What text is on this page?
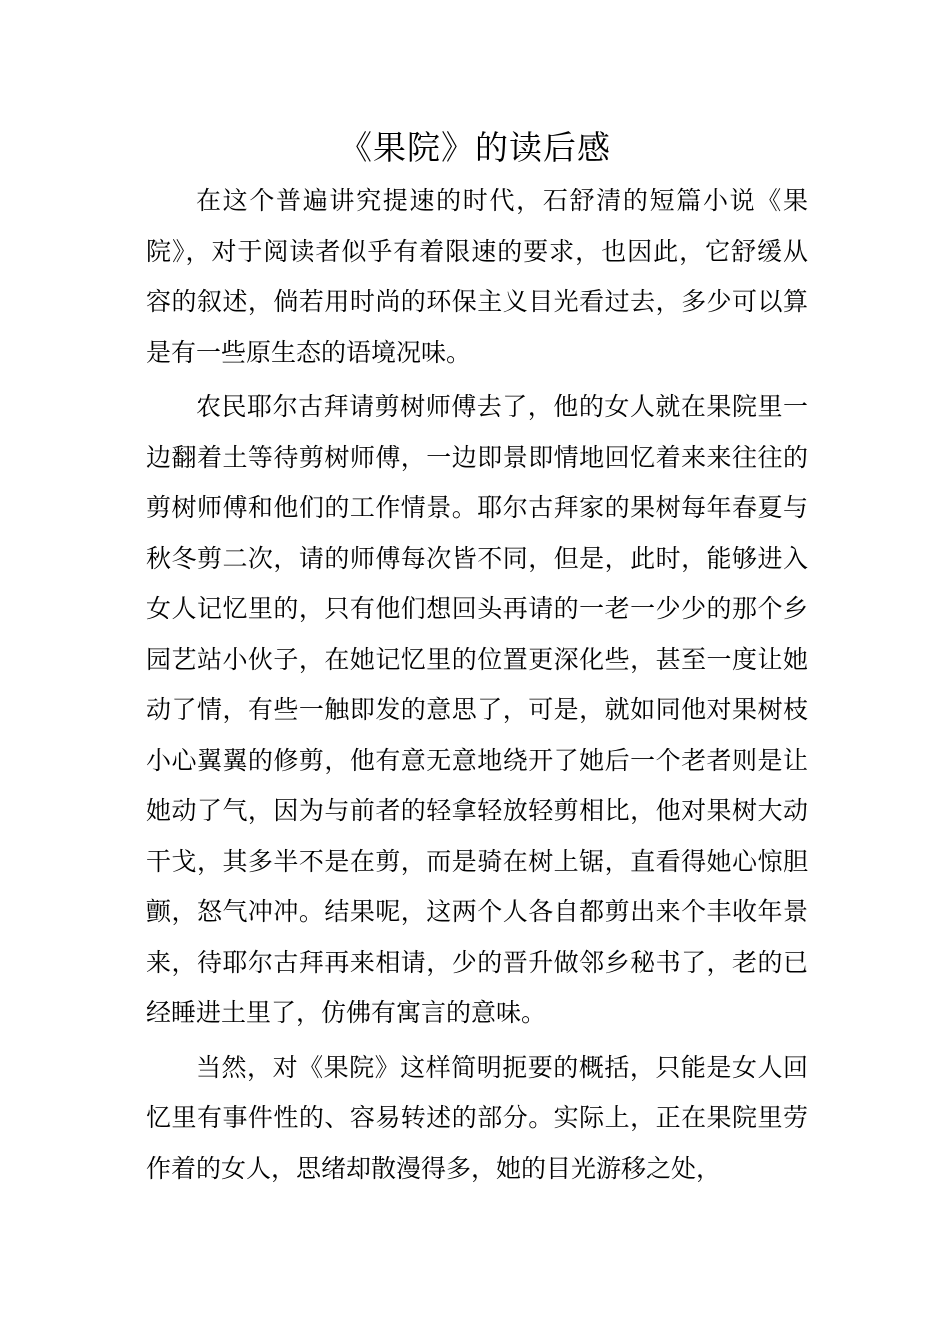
《果院》的读后感

在这个普遍讲究提速的时代，石舒清的短篇小说《果院》，对于阅读者似乎有着限速的要求，也因此，它舒缓从容的叙述，倘若用时尚的环保主义目光看过去，多少可以算是有一些原生态的语境况味。

农民耶尔古拜请剪树师傅去了，他的女人就在果院里一边翻着土等待剪树师傅，一边即景即情地回忆着来来往往的剪树师傅和他们的工作情景。耶尔古拜家的果树每年春夏与秋冬剪二次，请的师傅每次皆不同，但是，此时，能够进入女人记忆里的，只有他们想回头再请的一老一少少的那个乡园艺站小伙子，在她记忆里的位置更深化些，甚至一度让她动了情，有些一触即发的意思了，可是，就如同他对果树枝小心翼翼的修剪，他有意无意地绕开了她后一个老者则是让她动了气，因为与前者的轻拿轻放轻剪相比，他对果树大动干戈，其多半不是在剪，而是骑在树上锯，直看得她心惊胆颤，怒气冲冲。结果呢，这两个人各自都剪出来个丰收年景来，待耶尔古拜再来相请，少的晋升做邻乡秘书了，老的已经睡进土里了，仿佛有寓言的意味。

当然，对《果院》这样简明扼要的概括，只能是女人回忆里有事件性的、容易转述的部分。实际上，正在果院里劳作着的女人，思绪却散漫得多，她的目光游移之处，
